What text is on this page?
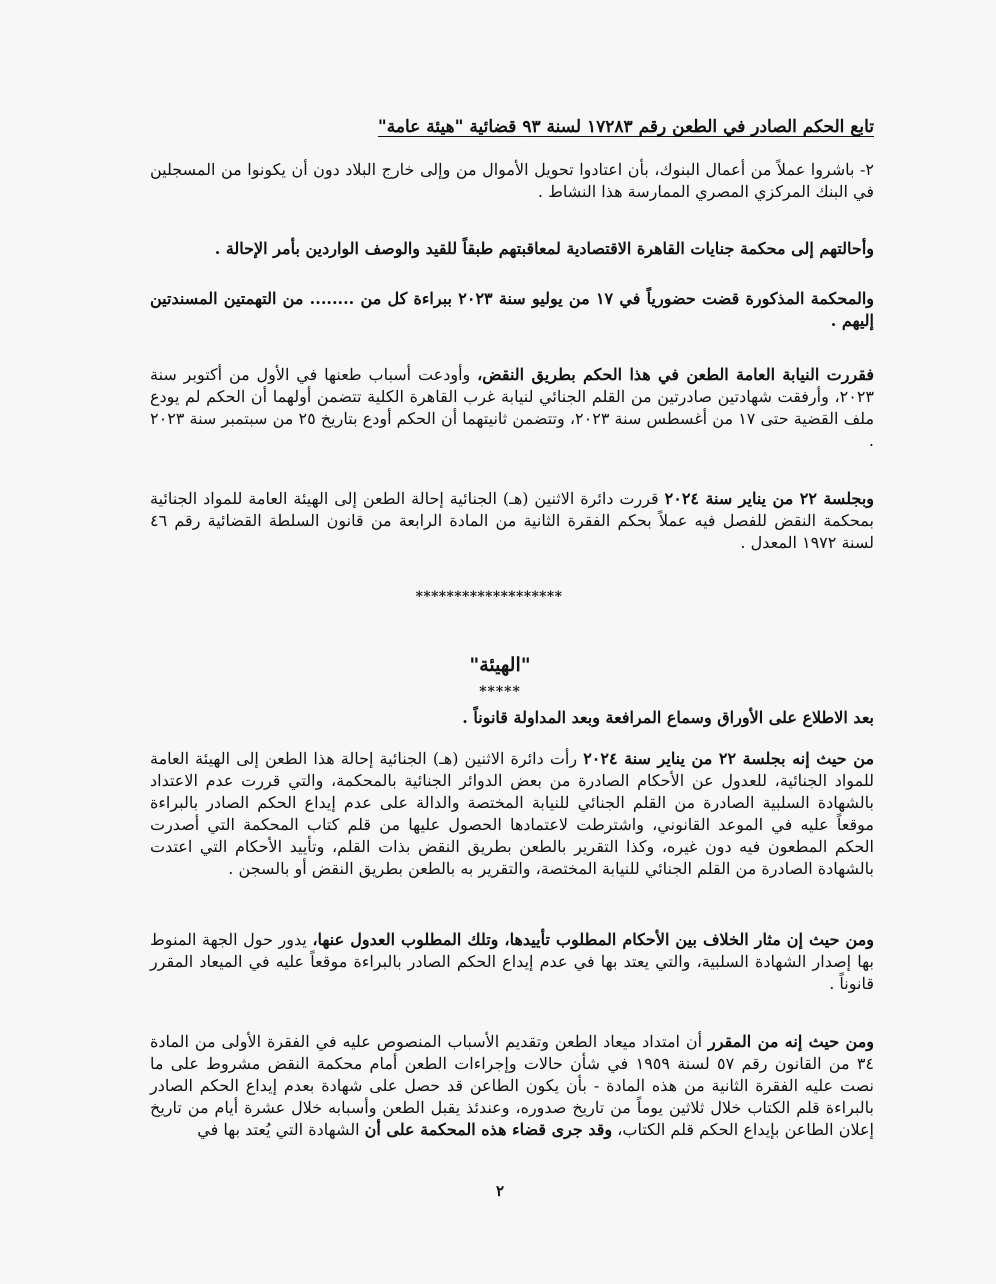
تابع الحكم الصادر في الطعن رقم ١٧٢٨٣ لسنة ٩٣ قضائية "هيئة عامة"
٢- باشروا عملاً من أعمال البنوك، بأن اعتادوا تحويل الأموال من وإلى خارج البلاد دون أن يكونوا من المسجلين في البنك المركزي المصري الممارسة هذا النشاط .
وأحالتهم إلى محكمة جنايات القاهرة الاقتصادية لمعاقبتهم طبقاً للقيد والوصف الواردين بأمر الإحالة .
والمحكمة المذكورة قضت حضورياً في ١٧ من يوليو سنة ٢٠٢٣ ببراءة كل من ........ من التهمتين المسندتين إليهم .
فقررت النيابة العامة الطعن في هذا الحكم بطريق النقض، وأودعت أسباب طعنها في الأول من أكتوبر سنة ٢٠٢٣، وأرفقت شهادتين صادرتين من القلم الجنائي لنيابة غرب القاهرة الكلية تتضمن أولهما أن الحكم لم يودع ملف القضية حتى ١٧ من أغسطس سنة ٢٠٢٣، وتتضمن ثانيتهما أن الحكم أودع بتاريخ ٢٥ من سبتمبر سنة ٢٠٢٣ .
وبجلسة ٢٢ من يناير سنة ٢٠٢٤ قررت دائرة الاثنين (هـ) الجنائية إحالة الطعن إلى الهيئة العامة للمواد الجنائية بمحكمة النقض للفصل فيه عملاً بحكم الفقرة الثانية من المادة الرابعة من قانون السلطة القضائية رقم ٤٦ لسنة ١٩٧٢ المعدل .
*******************
"الهيئة"
*****
بعد الاطلاع على الأوراق وسماع المرافعة وبعد المداولة قانوناً .
من حيث إنه بجلسة ٢٢ من يناير سنة ٢٠٢٤ رأت دائرة الاثنين (هـ) الجنائية إحالة هذا الطعن إلى الهيئة العامة للمواد الجنائية، للعدول عن الأحكام الصادرة من بعض الدوائر الجنائية بالمحكمة، والتي قررت عدم الاعتداد بالشهادة السلبية الصادرة من القلم الجنائي للنيابة المختصة والدالة على عدم إيداع الحكم الصادر بالبراءة موقعاً عليه في الموعد القانوني، واشترطت لاعتمادها الحصول عليها من قلم كتاب المحكمة التي أصدرت الحكم المطعون فيه دون غيره، وكذا التقرير بالطعن بطريق النقض بذات القلم، وتأييد الأحكام التي اعتدت بالشهادة الصادرة من القلم الجنائي للنيابة المختصة، والتقرير به بالطعن بطريق النقض أو بالسجن .
ومن حيث إن مثار الخلاف بين الأحكام المطلوب تأييدها، وتلك المطلوب العدول عنها، يدور حول الجهة المنوط بها إصدار الشهادة السلبية، والتي يعتد بها في عدم إيداع الحكم الصادر بالبراءة موقعاً عليه في الميعاد المقرر قانوناً .
ومن حيث إنه من المقرر أن امتداد ميعاد الطعن وتقديم الأسباب المنصوص عليه في الفقرة الأولى من المادة ٣٤ من القانون رقم ٥٧ لسنة ١٩٥٩ في شأن حالات وإجراءات الطعن أمام محكمة النقض مشروط على ما نصت عليه الفقرة الثانية من هذه المادة - بأن يكون الطاعن قد حصل على شهادة بعدم إيداع الحكم الصادر بالبراءة قلم الكتاب خلال ثلاثين يوماً من تاريخ صدوره، وعندئذ يقبل الطعن وأسبابه خلال عشرة أيام من تاريخ إعلان الطاعن بإيداع الحكم قلم الكتاب، وقد جرى قضاء هذه المحكمة على أن الشهادة التي يُعتد بها في
٢
